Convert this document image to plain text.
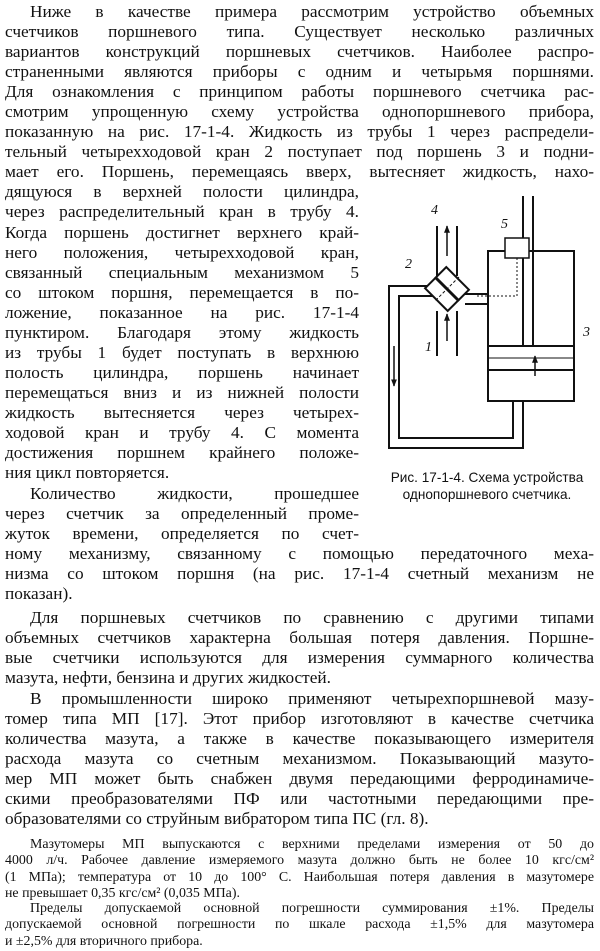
Ниже в качестве примера рассмотрим устройство объемных
счетчиков поршневого типа. Существует несколько различных
вариантов конструкций поршневых счетчиков. Наиболее распро-
страненными являются приборы с одним и четырьмя поршнями.
Для ознакомления с принципом работы поршневого счетчика рас-
смотрим упрощенную схему устройства однопоршневого прибора,
показанную на рис. 17-1-4. Жидкость из трубы 1 через распредели-
тельный четырехходовой кран 2 поступает под поршень 3 и подни-
мает его. Поршень, перемещаясь вверх, вытесняет жидкость, нахо-
дящуюся в верхней полости цилиндра,
через распределительный кран в трубу 4.
Когда поршень достигнет верхнего край-
него положения, четырехходовой кран,
связанный специальным механизмом 5
со штоком поршня, перемещается в по-
ложение, показанное на рис. 17-1-4
пунктиром. Благодаря этому жидкость
из трубы 1 будет поступать в верхнюю
полость цилиндра, поршень начинает
перемещаться вниз и из нижней полости
жидкость вытесняется через четырех-
ходовой кран и трубу 4. С момента
достижения поршнем крайнего положе-
ния цикл повторяется.
Количество жидкости, прошедшее
через счетчик за определенный проме-
жуток времени, определяется по счет-
ному механизму, связанному с помощью передаточного меха-
низма со штоком поршня (на рис. 17-1-4 счетный механизм не
показан).
Для поршневых счетчиков по сравнению с другими типами
объемных счетчиков характерна большая потеря давления. Поршне-
вые счетчики используются для измерения суммарного количества
мазута, нефти, бензина и других жидкостей.
В промышленности широко применяют четырехпоршневой мазу-
томер типа МП [17]. Этот прибор изготовляют в качестве счетчика
количества мазута, а также в качестве показывающего измерителя
расхода мазута со счетным механизмом. Показывающий мазуто-
мер МП может быть снабжен двумя передающими ферродинамиче-
скими преобразователями ПФ или частотными передающими пре-
образователями со струйным вибратором типа ПС (гл. 8).
Мазутомеры МП выпускаются с верхними пределами измерения от 50 до
4000 л/ч. Рабочее давление измеряемого мазута должно быть не более 10 кгс/см²
(1 МПа); температура от 10 до 100° С. Наибольшая потеря давления в мазутомере
не превышает 0,35 кгс/см² (0,035 МПа).
Пределы допускаемой основной погрешности суммирования ±1%. Пределы
допускаемой основной погрешности по шкале расхода ±1,5% для мазутомера
и ±2,5% для вторичного прибора.
4
5
2
1
3
Рис. 17-1-4. Схема устройства
однопоршневого счетчика.
